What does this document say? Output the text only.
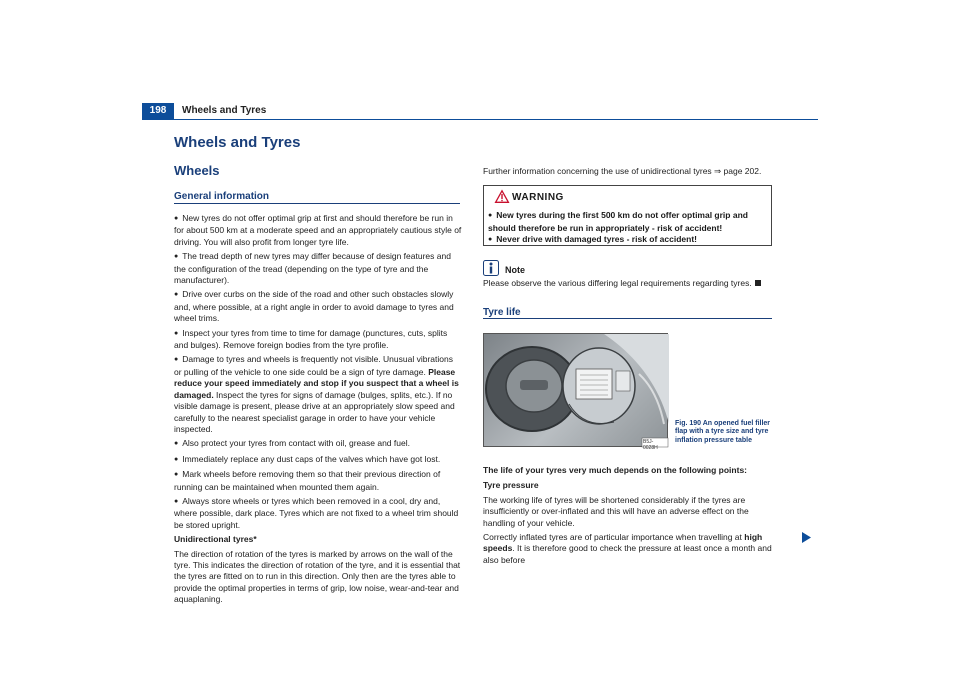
198	Wheels and Tyres
Wheels and Tyres
Wheels
General information

● New tyres do not offer optimal grip at first and should therefore be run in for about 500 km at a moderate speed and an appropriately cautious style of driving. You will also profit from longer tyre life.

● The tread depth of new tyres may differ because of design features and the configuration of the tread (depending on the type of tyre and the manufacturer).

● Drive over curbs on the side of the road and other such obstacles slowly and, where possible, at a right angle in order to avoid damage to tyres and wheel trims.

● Inspect your tyres from time to time for damage (punctures, cuts, splits and bulges). Remove foreign bodies from the tyre profile.

● Damage to tyres and wheels is frequently not visible. Unusual vibrations or pulling of the vehicle to one side could be a sign of tyre damage. Please reduce your speed immediately and stop if you suspect that a wheel is damaged. Inspect the tyres for signs of damage (bulges, splits, etc.). If no visible damage is present, please drive at an appropriately slow speed and carefully to the nearest specialist garage in order to have your vehicle inspected.

● Also protect your tyres from contact with oil, grease and fuel.

● Immediately replace any dust caps of the valves which have got lost.

● Mark wheels before removing them so that their previous direction of running can be maintained when mounted them again.

● Always store wheels or tyres which been removed in a cool, dry and, where possible, dark place. Tyres which are not fixed to a wheel trim should be stored upright.

Unidirectional tyres*

The direction of rotation of the tyres is marked by arrows on the wall of the tyre. This indicates the direction of rotation of the tyre, and it is essential that the tyres are fitted on to run in this direction. Only then are the tyres able to provide the optimal properties in terms of grip, low noise, wear-and-tear and aquaplaning.

Further information concerning the use of unidirectional tyres ⇒ page 202.
WARNING

● New tyres during the first 500 km do not offer optimal grip and should therefore be run in appropriately - risk of accident!

● Never drive with damaged tyres - risk of accident!

Note
Please observe the various differing legal requirements regarding tyres.
Tyre life
B5J-0028H
Fig. 190 An opened fuel filler flap with a tyre size and tyre inflation pressure table

The life of your tyres very much depends on the following points:

Tyre pressure

The working life of tyres will be shortened considerably if the tyres are insufficiently or over-inflated and this will have an adverse effect on the handling of your vehicle.

Correctly inflated tyres are of particular importance when travelling at high speeds. It is therefore good to check the pressure at least once a month and also before
